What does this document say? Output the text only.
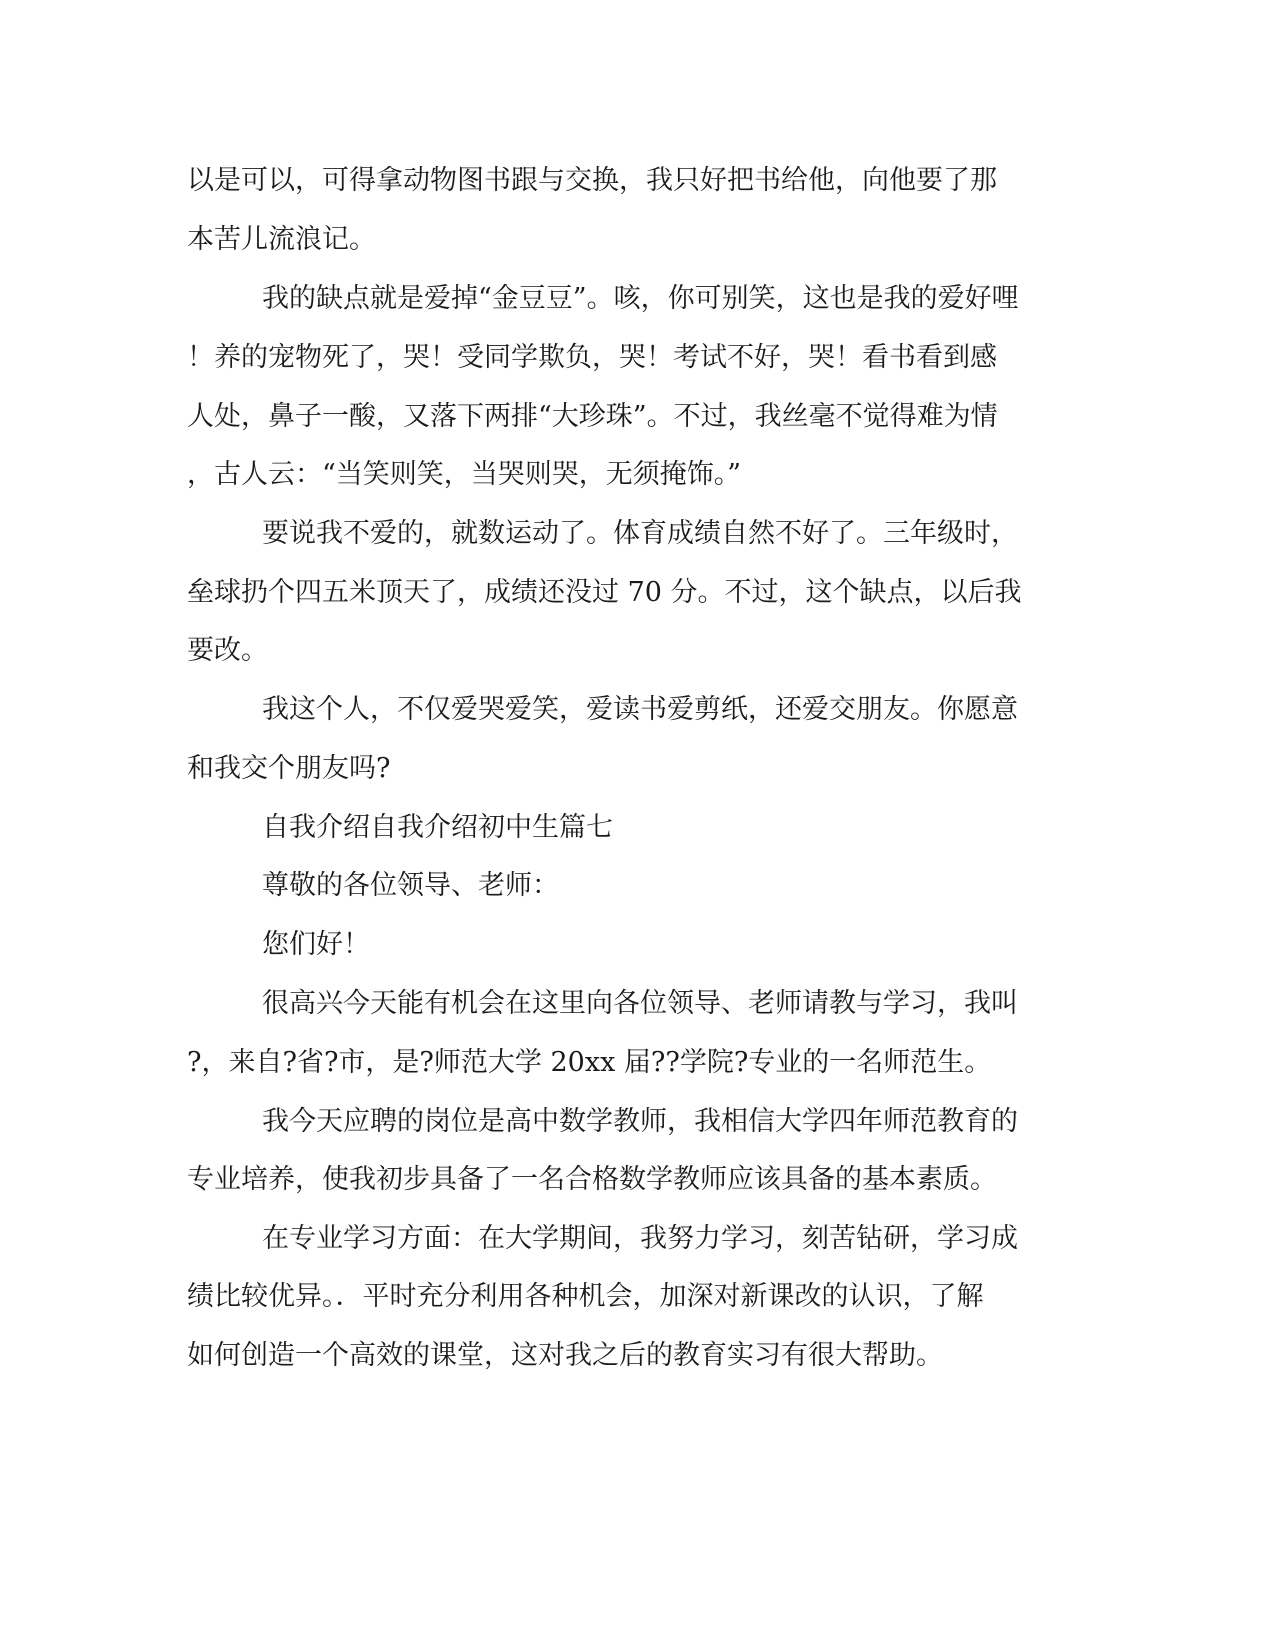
以是可以，可得拿动物图书跟与交换，我只好把书给他，向他要了那
本苦儿流浪记。
我的缺点就是爱掉“金豆豆”。咳，你可别笑，这也是我的爱好哩
！养的宠物死了，哭！受同学欺负，哭！考试不好，哭！看书看到感
人处，鼻子一酸，又落下两排“大珍珠”。不过，我丝毫不觉得难为情
，古人云：“当笑则笑，当哭则哭，无须掩饰。”
要说我不爱的，就数运动了。体育成绩自然不好了。三年级时，
垒球扔个四五米顶天了，成绩还没过 70 分。不过，这个缺点，以后我
要改。
我这个人，不仅爱哭爱笑，爱读书爱剪纸，还爱交朋友。你愿意
和我交个朋友吗?
自我介绍自我介绍初中生篇七
尊敬的各位领导、老师：
您们好！
很高兴今天能有机会在这里向各位领导、老师请教与学习，我叫
?，来自?省?市，是?师范大学 20xx 届??学院?专业的一名师范生。
我今天应聘的岗位是高中数学教师，我相信大学四年师范教育的
专业培养，使我初步具备了一名合格数学教师应该具备的基本素质。
在专业学习方面：在大学期间，我努力学习，刻苦钻研，学习成
绩比较优异。．平时充分利用各种机会，加深对新课改的认识，了解
如何创造一个高效的课堂，这对我之后的教育实习有很大帮助。
